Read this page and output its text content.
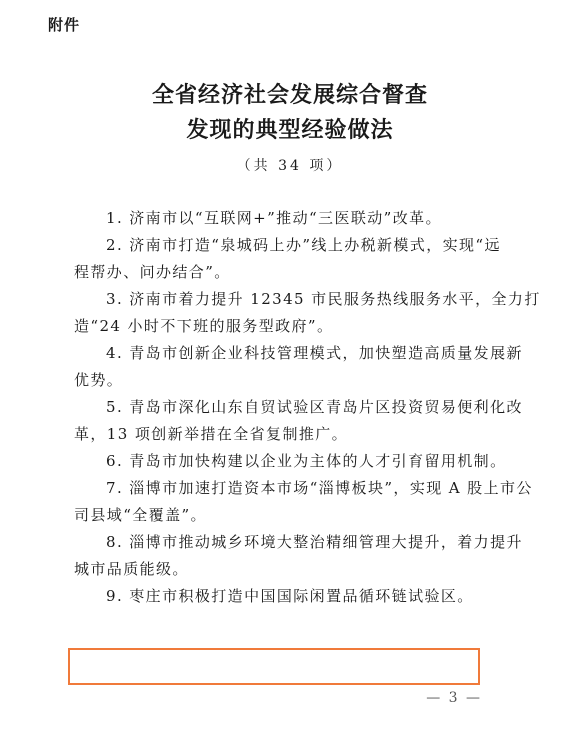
附件
全省经济社会发展综合督查
发现的典型经验做法
（共 34 项）
1. 济南市以“互联网+”推动“三医联动”改革。
2. 济南市打造“泉城码上办”线上办税新模式，实现“远
程帮办、问办结合”。
3. 济南市着力提升 12345 市民服务热线服务水平，全力打
造“24 小时不下班的服务型政府”。
4. 青岛市创新企业科技管理模式，加快塑造高质量发展新
优势。
5. 青岛市深化山东自贸试验区青岛片区投资贸易便利化改
革，13 项创新举措在全省复制推广。
6. 青岛市加快构建以企业为主体的人才引育留用机制。
7. 淄博市加速打造资本市场“淄博板块”，实现 A 股上市公
司县域“全覆盖”。
8. 淄博市推动城乡环境大整治精细管理大提升，着力提升
城市品质能级。
9. 枣庄市积极打造中国国际闲置品循环链试验区。
— 3 —
